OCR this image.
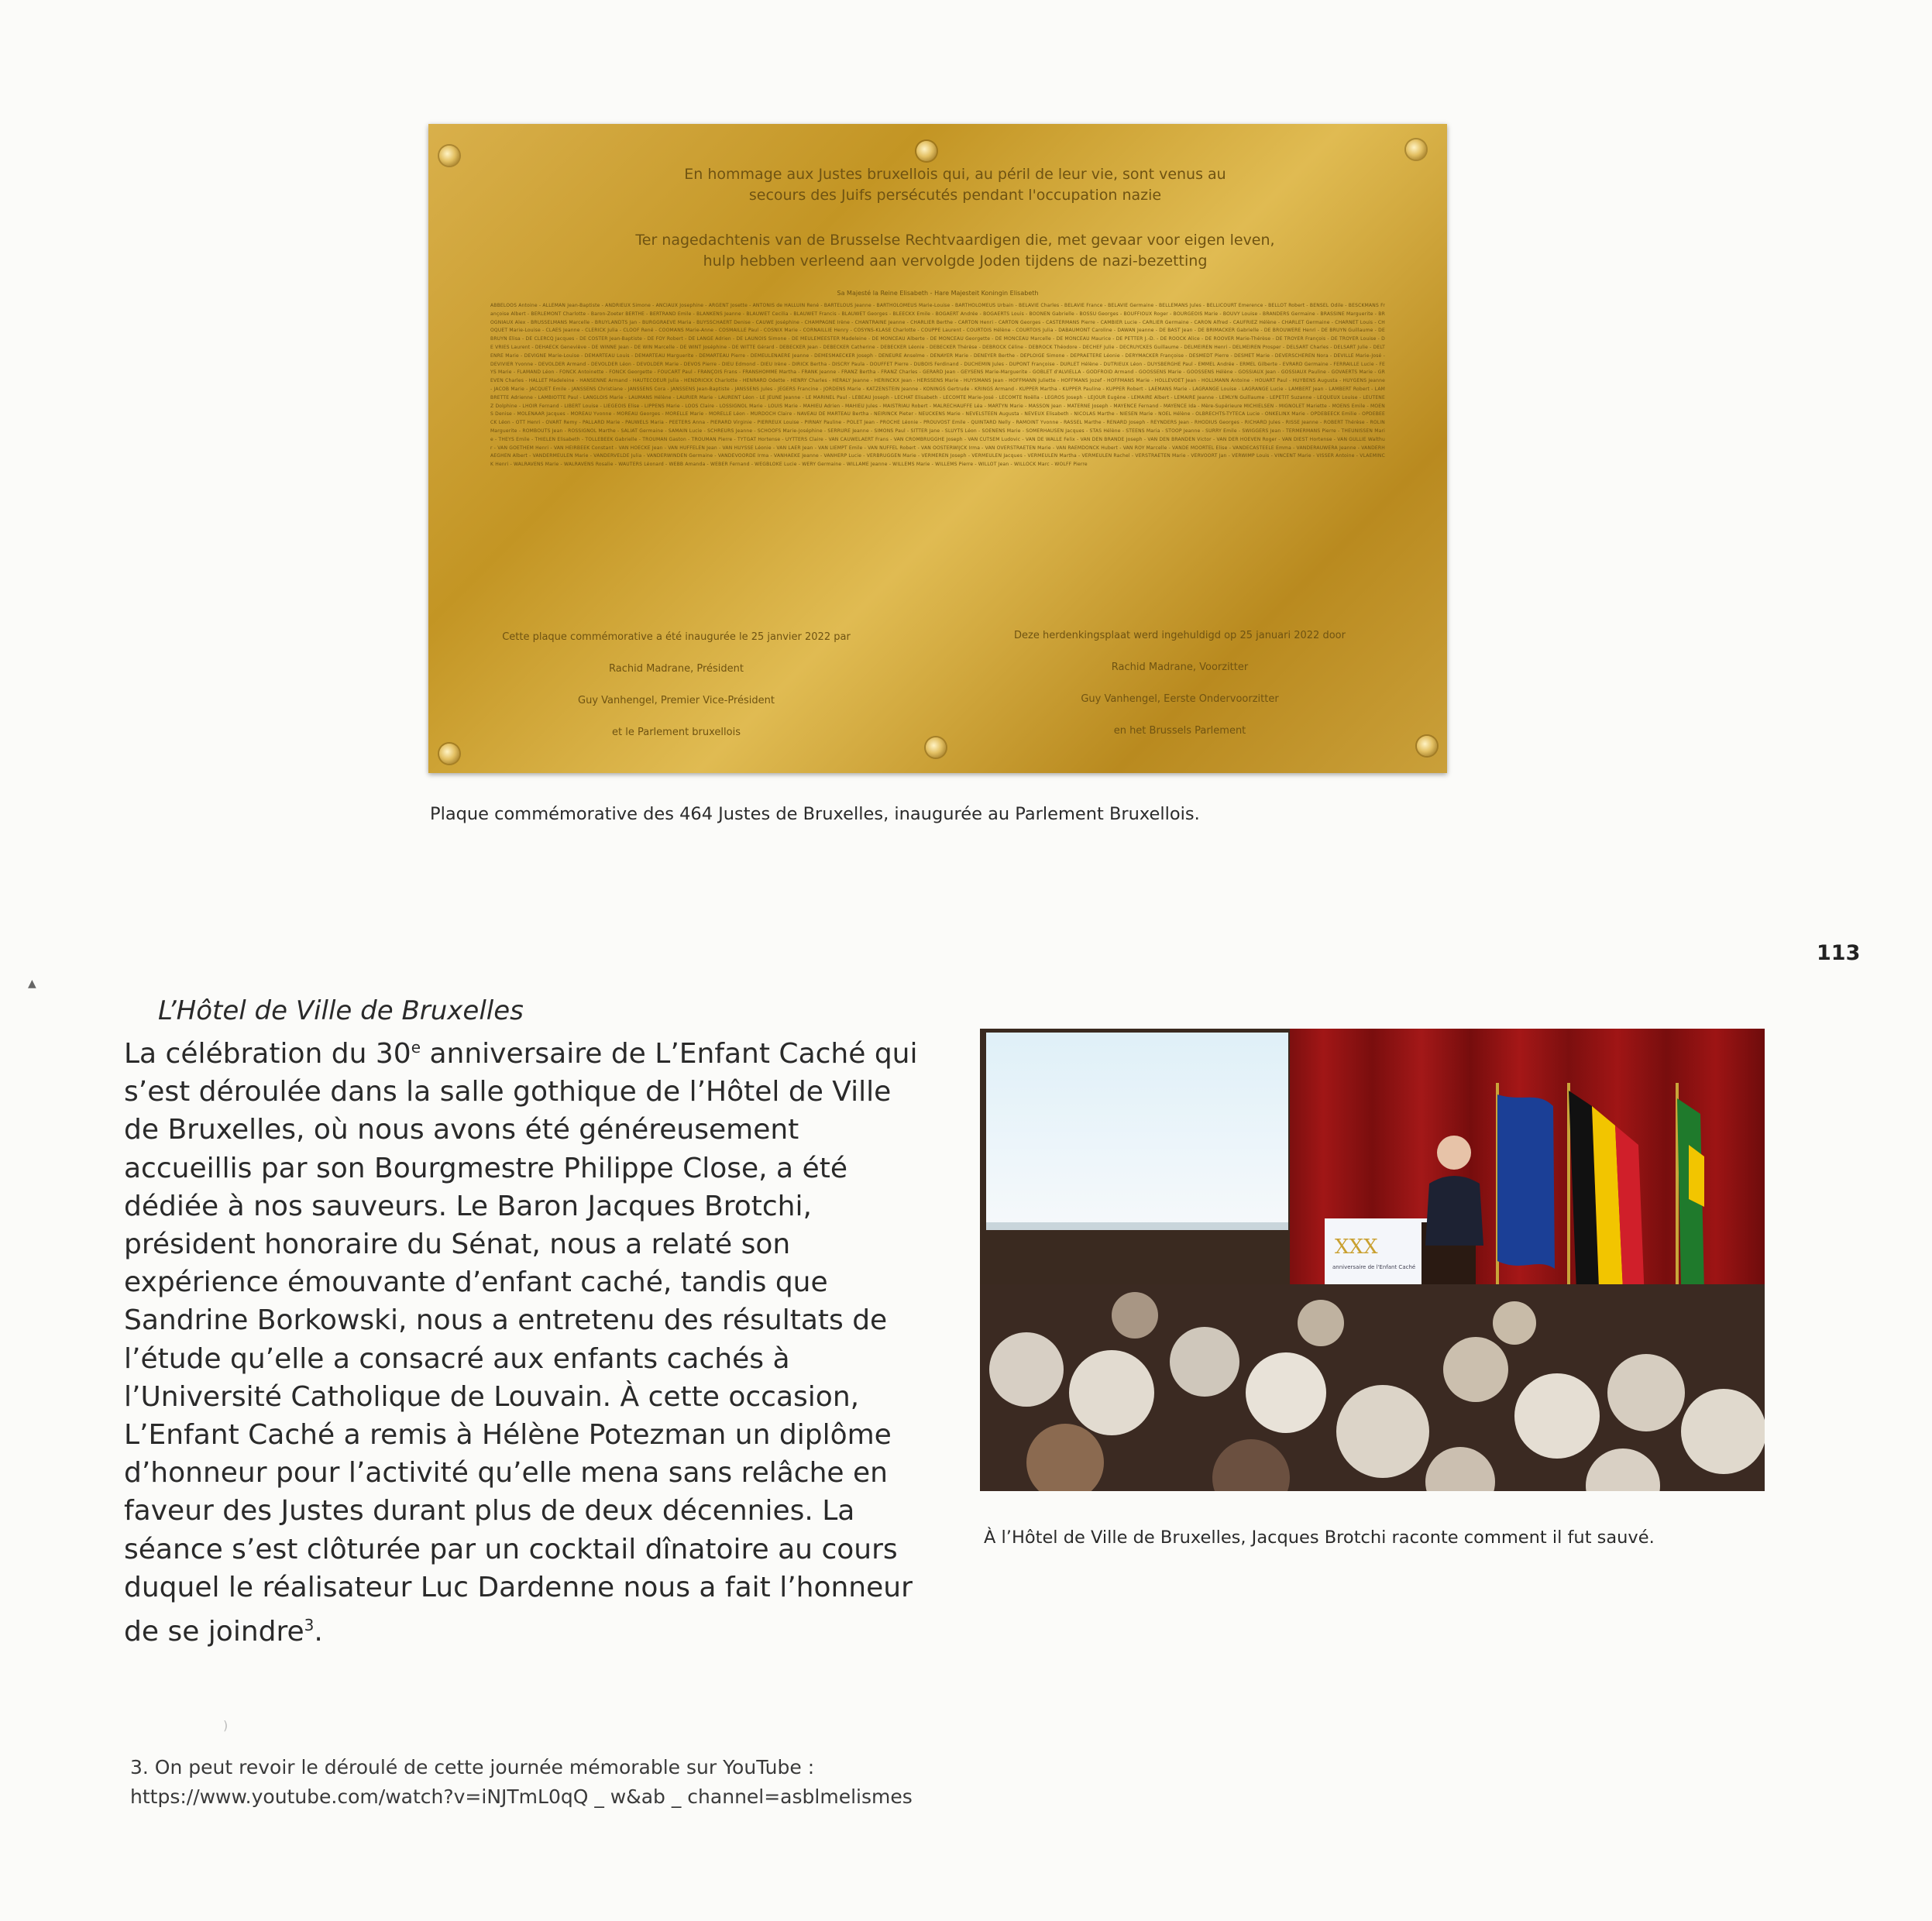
En hommage aux Justes bruxellois qui, au péril de leur vie, sont venus au secours des Juifs persécutés pendant l'occupation nazie
Ter nagedachtenis van de Brusselse Rechtvaardigen die, met gevaar voor eigen leven, hulp hebben verleend aan vervolgde Joden tijdens de nazi-bezetting
Sa Majesté la Reine Elisabeth - Hare Majesteit Koningin Elisabeth
ABBELOOS Antoine - ALLEMAN Jean-Baptiste - ANDRIEUX Simone - ANCIAUX Josephine - ARGENT Josette - ANTONIS de HALLUIN René - BARTELOUS Jeanne - BARTHOLOMEUS Marie-Louise - BARTHOLOMEUS Urbain - BELAVIE Charles - BELAVIE France - BELAVIE Germaine - BELLEMANS Jules - BELLICOURT Emerence - BELLOT Robert - BENSEL Odile - BESCKMANS Françoise Albert - BERLEMONT Charlotte - Baron-Zoeter BERTHE - BERTRAND Emile - BLANKENS Jeanne - BLAUWET Cecilia - BLAUWET Francis - BLAUWET Georges - BLEECKX Emile - BOGAERT Andrée - BOGAERTS Louis - BOONEN Gabrielle - BOSSU Georges - BOUFFIOUX Roger - BOURGEOIS Marie - BOUVY Louise - BRANDERS Germaine - BRASSINE Marguerite - BROGNIAUX Alex - BRUSSELMANS Marcelle - BRUYLANDTS Jan - BURGGRAEVE Maria - BUYSSCHAERT Denise - CAUWE Joséphine - CHAMPAGNE Irène - CHANTRAINE Jeanne - CHARLIER Berthe - CARTON Henri - CARTON Georges - CASTERMANS Pierre - CAMBIER Lucie - CARLIER Germaine - CARON Alfred - CAUFRIEZ Hélène - CHARLET Germaine - CHARNET Louis - CHOQUET Marie-Louise - CLAES Jeanne - CLERICK Julia - CLOOF René - COOMANS Marie-Anne - COSMAILLE Paul - COSNIX Marie - CORNAILLIE Henry - COSYNS-KLASE Charlotte - COUPPE Laurent - COURTOIS Hélène - COURTOIS Julia - DABAUMONT Caroline - DAWAN Jeanne - DE BAST Jean - DE BRIMACKER Gabrielle - DE BROUWERE Henri - DE BRUYN Guillaume - DE BRUYN Elisa - DE CLERCQ Jacques - DE COSTER Jean-Baptiste - DE FOY Robert - DE LANGE Adrien - DE LAUNOIS Simone - DE MEULEMEESTER Madeleine - DE MONCEAU Alberte - DE MONCEAU Georgette - DE MONCEAU Marcelle - DE MONCEAU Maurice - DE PETTER J.-D. - DE ROOCK Alice - DE ROOVER Marie-Thérèse - DE TROYER François - DE TROYER Louise - DE VRIES Laurent - DEHAECK Geneviève - DE WINNE Jean - DE WIN Marcelle - DE WINT Joséphine - DE WITTE Gérard - DEBECKER Jean - DEBECKER Catherine - DEBECKER Léonie - DEBECKER Thérèse - DEBROCK Céline - DEBROCK Théodore - DECHEF Julie - DECRUYCKES Guillaume - DELMEIREN Henri - DELMEIREN Prosper - DELSART Charles - DELSART Julie - DELTENRE Marie - DEVIGNE Marie-Louise - DEMARTEAU Louis - DEMARTEAU Marguerite - DEMARTEAU Pierre - DEMEULENAERE Jeanne - DEMESMAECKER Joseph - DENEURE Anselme - DENAYER Marie - DENEYER Berthe - DEPLOIGE Simone - DEPRAETERE Léonie - DERYMACKER Françoise - DESMEDT Pierre - DESMET Marie - DEVERSCHEREN Nora - DEVILLE Marie-José - DEVIVIER Yvonne - DEVOLDER Armand - DEVOLDER Léon - DEVOLDER Marie - DEVOS Pierre - DIEU Edmond - DIEU Irène - DIRICK Bertha - DISCRY Paula - DOUFFET Pierre - DUBOIS Ferdinand - DUCHEMIN Jules - DUPONT Françoise - DURLET Hélène - DUTRIEUX Léon - DUYSBERGHE Paul - EMMEL Andrée - ERMEL Gilberte - EVRARD Germaine - FERRAILLE Lucie - FEYS Marie - FLAMAND Léon - FONCK Antoinette - FONCK Georgette - FOUCART Paul - FRANÇOIS Frans - FRANSHOMME Martha - FRANK Jeanne - FRANZ Bertha - FRANZ Charles - GERARD Jean - GEYSENS Marie-Marguerite - GOBLET d'ALVIELLA - GODFROID Armand - GOOSSENS Marie - GOOSSENS Hélène - GOSSIAUX Jean - GOSSIAUX Pauline - GOVAERTS Marie - GREVEN Charles - HALLET Madeleine - HANSENNE Armand - HAUTECOEUR Julia - HENDRICKX Charlotte - HENRARD Odette - HENRY Charles - HERALY Jeanne - HERINCKX Jean - HERSSENS Marie - HUYSMANS Jean - HOFFMANN Juliette - HOFFMANS Jozef - HOFFMANS Marie - HOLLEVOET Jean - HOLLMANN Antoine - HOUART Paul - HUYBENS Augusta - HUYGENS Jeanne - JACOB Marie - JACQUET Emile - JANSSENS Christiane - JANSSENS Cora - JANSSENS Jean-Baptiste - JANSSENS Jules - JEGERS Francine - JORDENS Marie - KATZENSTEIN Jeanne - KONINGS Gertrude - KRINGS Armand - KUPPER Martha - KUPPER Pauline - KUPPER Robert - LAEMANS Marie - LAGRANGE Louise - LAGRANGE Lucie - LAMBERT Jean - LAMBERT Robert - LAMBRETTE Adrienne - LAMBIOTTE Paul - LANGLOIS Marie - LAUMANS Hélène - LAURIER Marie - LAURENT Léon - LE JEUNE Jeanne - LE MARINEL Paul - LEBEAU Joseph - LECHAT Elisabeth - LECOMTE Marie-José - LECOMTE Noëlla - LEGROS Joseph - LEJOUR Eugène - LEMAIRE Albert - LEMAIRE Jeanne - LEMLYN Guillaume - LEPETIT Suzanne - LEQUEUX Louise - LEUTENEZ Dolphine - LHOIR Fernand - LIBERT Louise - LIEGEOIS Elise - LIPPENS Marie - LOOS Claire - LOSSIGNOL Marie - LOUIS Marie - MAHIEU Adrien - MAHIEU Jules - MAISTRIAU Robert - MALRECHAUFFE Léa - MARTYN Marie - MASSON Jean - MATERNE Joseph - MAYENCE Fernand - MAYENCE Ida - Mère-Supérieure MICHIELSEN - MIGNOLET Mariette - MOENS Emile - MOENS Denise - MOLENAAR Jacques - MOREAU Yvonne - MOREAU Georges - MORELLE Marie - MORELLE Léon - MURDOCH Claire - NAVEAU DE MARTEAU Bertha - NEIRINCK Pieter - NEUCKENS Marie - NEVELSTEEN Augusta - NEVEUX Elisabeth - NICOLAS Marthe - NIESEN Marie - NOEL Hélène - OLBRECHTS-TYTECA Lucie - ONKELINX Marie - OPDEBEECK Emilie - OPDEBEECK Léon - OTT Henri - OVART Remy - PALLARD Marie - PAUWELS Maria - PEETERS Anna - PIERARD Virginie - PIERREUX Louise - PIRNAY Pauline - POLET Jean - PROCHE Léonie - PROUVOST Emile - QUINTARD Nelly - RAMOINT Yvonne - RASSEL Marthe - RENARD Joseph - REYNDERS Jean - RHODIUS Georges - RICHARD Jules - RISSE Jeanne - ROBERT Thérèse - ROLIN Marguerite - ROMBOUTS Jean - ROSSIGNOL Marthe - SALIAT Germaine - SAMAIN Lucie - SCHREURS Jeanne - SCHOOFS Marie-Joséphine - SERRURE Jeanne - SIMONS Paul - SITTER Jane - SLUYTS Léon - SOENENS Marie - SOMERHAUSEN Jacques - STAS Hélène - STEENS Maria - STOOP Jeanne - SURRY Emile - SWIGGERS Jean - TERMERMANS Pierre - THEUNISSEN Marie - THEYS Emile - THIELEN Elisabeth - TOLLEBEEK Gabrielle - TROUMAN Gaston - TROUMAN Pierre - TYTGAT Hortense - UYTTERS Claire - VAN CAUWELAERT Frans - VAN CROMBRUGGHE Joseph - VAN CUTSEM Ludovic - VAN DE WALLE Felix - VAN DEN BRANDE Joseph - VAN DEN BRANDEN Victor - VAN DER HOEVEN Roger - VAN DIEST Hortense - VAN GULLIE Walthur - VAN GOETHEM Henri - VAN HEIRBEEK Constant - VAN HOECKE Jean - VAN HUFFELEN Jean - VAN HUYSSE Léonie - VAN LAER Jean - VAN LIEMPT Emile - VAN NUFFEL Robert - VAN OOSTERWIJCK Irma - VAN OVERSTRAETEN Marie - VAN RAEMDONCK Hubert - VAN ROY Marcelle - VANDE MOORTEL Elise - VANDECASTEELE Emma - VANDERAUWERA Jeanne - VANDERHAEGHEN Albert - VANDERMEULEN Marie - VANDERVELDE Julia - VANDERWINDEN Germaine - VANDEVOORDE Irma - VANHAEKE Jeanne - VANHERP Lucie - VERBRUGGEN Marie - VERMEREN Joseph - VERMEULEN Jacques - VERMEULEN Martha - VERMEULEN Rachel - VERSTRAETEN Marie - VERVOORT Jan - VERWIMP Louis - VINCENT Marie - VISSER Antoine - VLAEMINCK Henri - WALRAVENS Marie - WALRAVENS Rosalie - WAUTERS Léonard - WEBB Amanda - WEBER Fernand - WEGBLOKE Lucie - WERY Germaine - WILLAME Jeanne - WILLEMS Marie - WILLEMS Pierre - WILLOT Jean - WILLOCK Marc - WOLFF Pierre
Cette plaque commémorative a été inaugurée le 25 janvier 2022 par
Rachid Madrane, Président
Guy Vanhengel, Premier Vice-Président
et le Parlement bruxellois
Deze herdenkingsplaat werd ingehuldigd op 25 januari 2022 door
Rachid Madrane, Voorzitter
Guy Vanhengel, Eerste Ondervoorzitter
en het Brussels Parlement
Plaque commémorative des 464 Justes de Bruxelles, inaugurée au Parlement Bruxellois.
113
▲
L’Hôtel de Ville de Bruxelles
La célébration du 30e anniversaire de L’Enfant Caché qui s’est déroulée dans la salle gothique de l’Hôtel de Ville de Bruxelles, où nous avons été généreusement accueillis par son Bourgmestre Philippe Close, a été dédiée à nos sauveurs. Le Baron Jacques Brotchi, président honoraire du Sénat, nous a relaté son expérience émouvante d’enfant caché, tandis que Sandrine Borkowski, nous a entretenu des résultats de l’étude qu’elle a consacré aux enfants cachés à l’Université Catholique de Louvain. À cette occasion, L’Enfant Caché a remis à Hélène Potezman un diplôme d’honneur pour l’activité qu’elle mena sans relâche en faveur des Justes durant plus de deux décennies. La séance s’est clôturée par un cocktail dînatoire au cours duquel le réalisateur Luc Dardenne nous a fait l’honneur de se joindre$^3$.
XXX
anniversaire de l'Enfant Caché
À l’Hôtel de Ville de Bruxelles, Jacques Brotchi raconte comment il fut sauvé.
)
3. On peut revoir le déroulé de cette journée mémorable sur YouTube :
https://www.youtube.com/watch?v=iNJTmL0qQ _ w&ab _ channel=asblmelismes
